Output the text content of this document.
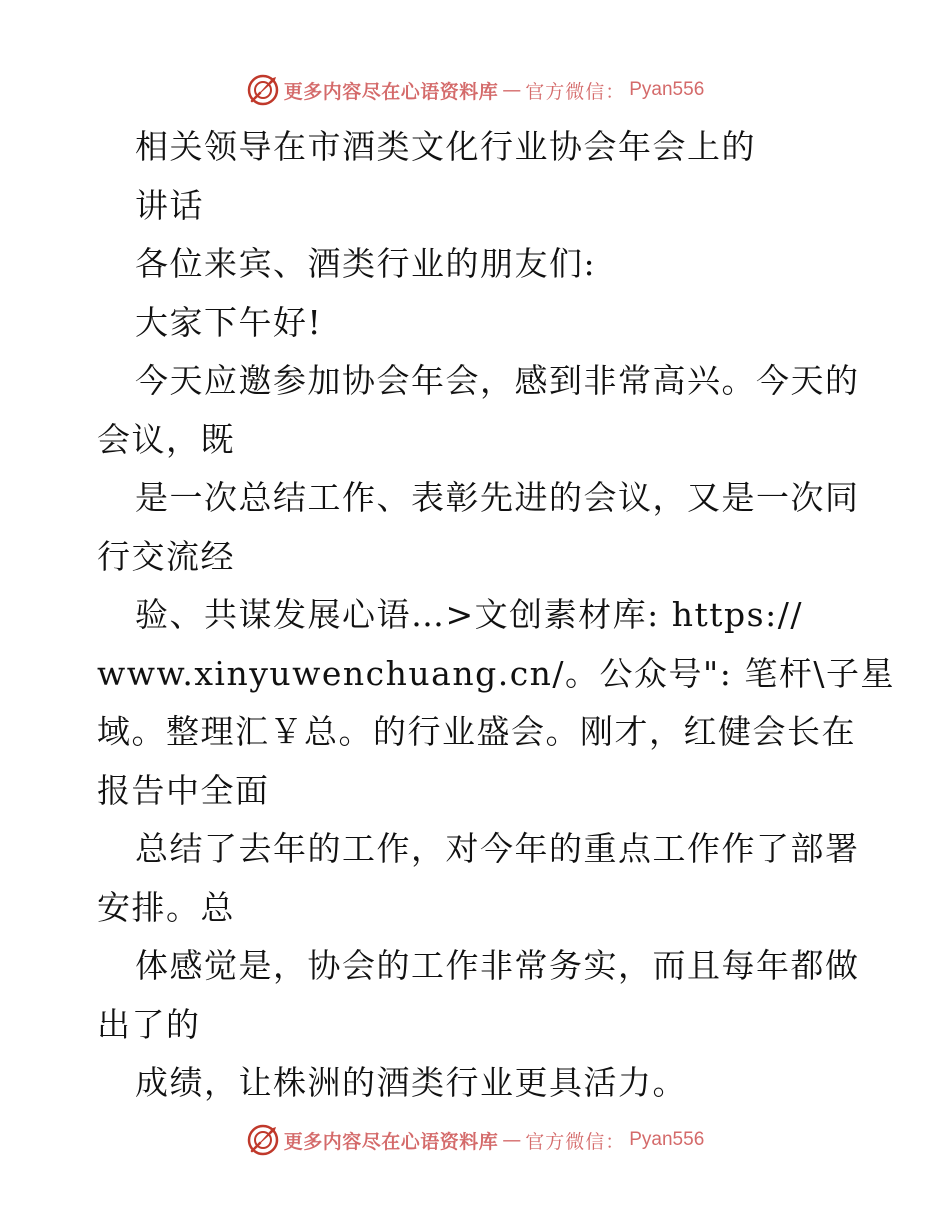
更多内容尽在心语资料库 — 官方微信： Pyan556
相关领导在市酒类文化行业协会年会上的
讲话
各位来宾、酒类行业的朋友们:
大家下午好!
今天应邀参加协会年会，感到非常高兴。今天的
会议，既
是一次总结工作、表彰先进的会议，又是一次同
行交流经
验、共谋发展心语…>文创素材库: https://
www.xinyuwenchuang.cn/。公众号": 笔杆\子星
域。整理汇￥总。的行业盛会。刚才，红健会长在
报告中全面
总结了去年的工作，对今年的重点工作作了部署
安排。总
体感觉是，协会的工作非常务实，而且每年都做
出了的
成绩，让株洲的酒类行业更具活力。
更多内容尽在心语资料库 — 官方微信： Pyan556
